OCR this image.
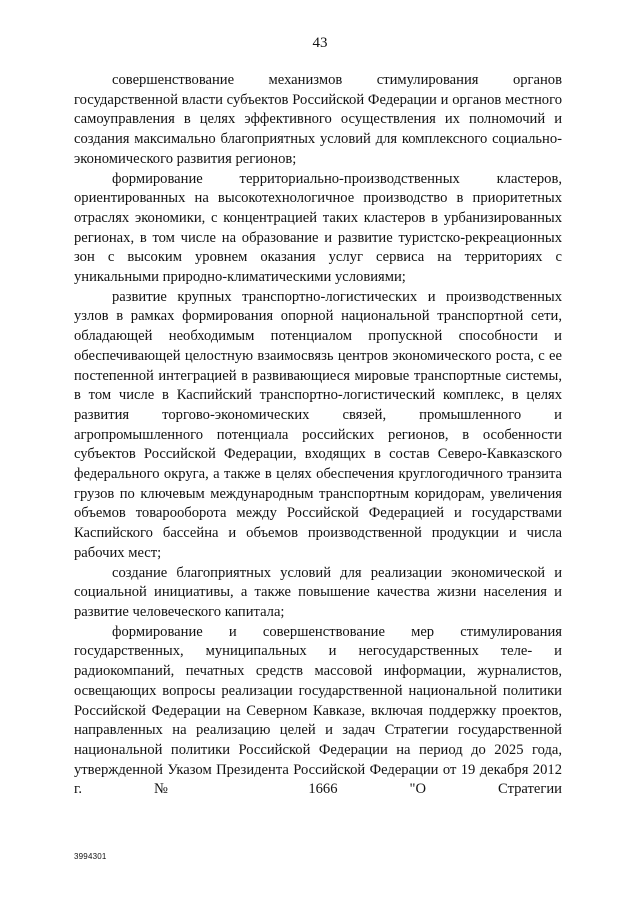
43

совершенствование механизмов стимулирования органов государственной власти субъектов Российской Федерации и органов местного самоуправления в целях эффективного осуществления их полномочий и создания максимально благоприятных условий для комплексного социально-экономического развития регионов;

формирование территориально-производственных кластеров, ориентированных на высокотехнологичное производство в приоритетных отраслях экономики, с концентрацией таких кластеров в урбанизированных регионах, в том числе на образование и развитие туристско-рекреационных зон с высоким уровнем оказания услуг сервиса на территориях с уникальными природно-климатическими условиями;

развитие крупных транспортно-логистических и производственных узлов в рамках формирования опорной национальной транспортной сети, обладающей необходимым потенциалом пропускной способности и обеспечивающей целостную взаимосвязь центров экономического роста, с ее постепенной интеграцией в развивающиеся мировые транспортные системы, в том числе в Каспийский транспортно-логистический комплекс, в целях развития торгово-экономических связей, промышленного и агропромышленного потенциала российских регионов, в особенности субъектов Российской Федерации, входящих в состав Северо-Кавказского федерального округа, а также в целях обеспечения круглогодичного транзита грузов по ключевым международным транспортным коридорам, увеличения объемов товарооборота между Российской Федерацией и государствами Каспийского бассейна и объемов производственной продукции и числа рабочих мест;

создание благоприятных условий для реализации экономической и социальной инициативы, а также повышение качества жизни населения и развитие человеческого капитала;

формирование и совершенствование мер стимулирования государственных, муниципальных и негосударственных теле- и радиокомпаний, печатных средств массовой информации, журналистов, освещающих вопросы реализации государственной национальной политики Российской Федерации на Северном Кавказе, включая поддержку проектов, направленных на реализацию целей и задач Стратегии государственной национальной политики Российской Федерации на период до 2025 года, утвержденной Указом Президента Российской Федерации от 19 декабря 2012 г. № 1666 "О Стратегии

3994301
